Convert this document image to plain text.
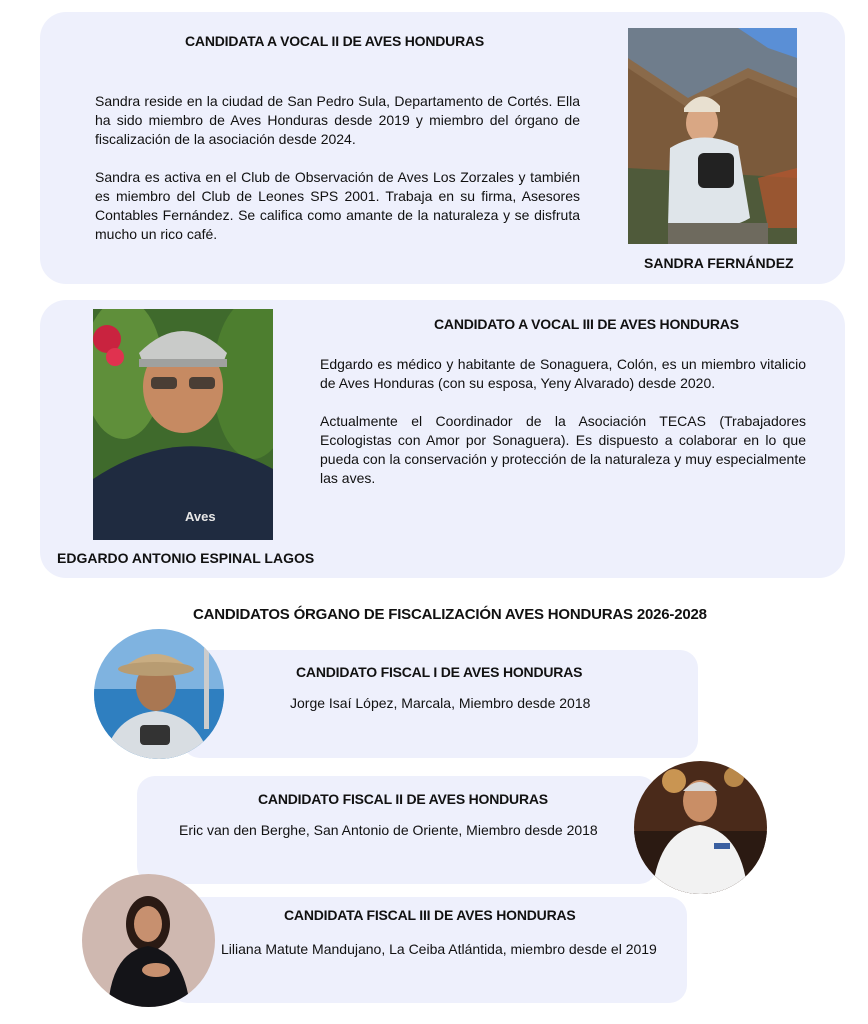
CANDIDATA A VOCAL II DE AVES HONDURAS

Sandra reside en la ciudad de San Pedro Sula, Departamento de Cortés. Ella ha sido miembro de Aves Honduras desde 2019 y miembro del órgano de fiscalización de la asociación desde 2024.

Sandra es activa en el Club de Observación de Aves Los Zorzales y también es miembro del Club de Leones SPS 2001. Trabaja en su firma, Asesores Contables Fernández. Se califica como amante de la naturaleza y se disfruta mucho un rico café.

SANDRA FERNÁNDEZ
Aves
CANDIDATO A VOCAL III DE AVES HONDURAS

Edgardo es médico y habitante de Sonaguera, Colón, es un miembro vitalicio de Aves Honduras (con su esposa, Yeny Alvarado) desde 2020.

Actualmente el Coordinador de la Asociación TECAS (Trabajadores Ecologistas con Amor por Sonaguera). Es dispuesto a colaborar en lo que pueda con la conservación y protección de la naturaleza y muy especialmente las aves.

EDGARDO ANTONIO ESPINAL LAGOS
CANDIDATOS ÓRGANO DE FISCALIZACIÓN AVES HONDURAS 2026-2028
CANDIDATO FISCAL I DE AVES HONDURAS
Jorge Isaí López, Marcala, Miembro desde 2018
CANDIDATO FISCAL II DE AVES HONDURAS
Eric van den Berghe, San Antonio de Oriente, Miembro desde 2018
CANDIDATA FISCAL III DE AVES HONDURAS
Liliana Matute Mandujano, La Ceiba Atlántida, miembro desde el 2019
